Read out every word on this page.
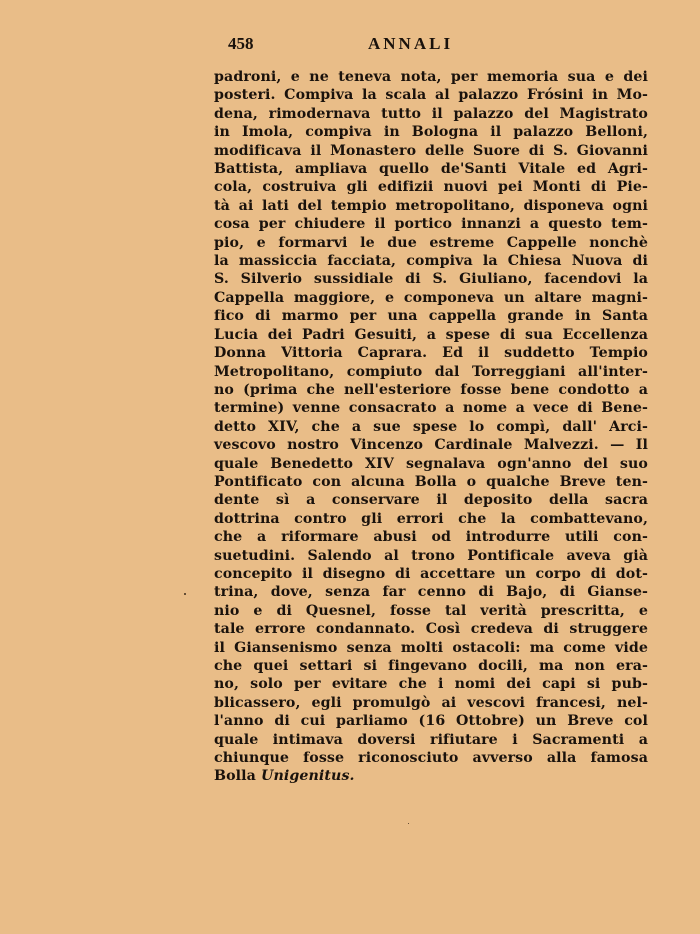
458	ANNALI
padroni, e ne teneva nota, per memoria sua e dei
posteri. Compiva la scala al palazzo Frósini in Mo-
dena, rimodernava tutto il palazzo del Magistrato
in Imola, compiva in Bologna il palazzo Belloni,
modificava il Monastero delle Suore di S. Giovanni
Battista, ampliava quello de'Santi Vitale ed Agri-
cola, costruiva gli edifizii nuovi pei Monti di Pie-
tà ai lati del tempio metropolitano, disponeva ogni
cosa per chiudere il portico innanzi a questo tem-
pio, e formarvi le due estreme Cappelle nonchè
la massiccia facciata, compiva la Chiesa Nuova di
S. Silverio sussidiale di S. Giuliano, facendovi la
Cappella maggiore, e componeva un altare magni-
fico di marmo per una cappella grande in Santa
Lucia dei Padri Gesuiti, a spese di sua Eccellenza
Donna Vittoria Caprara. Ed il suddetto Tempio
Metropolitano, compiuto dal Torreggiani all'inter-
no (prima che nell'esteriore fosse bene condotto a
termine) venne consacrato a nome a vece di Bene-
detto XIV, che a sue spese lo compì, dall' Arci-
vescovo nostro Vincenzo Cardinale Malvezzi. — Il
quale Benedetto XIV segnalava ogn'anno del suo
Pontificato con alcuna Bolla o qualche Breve ten-
dente sì a conservare il deposito della sacra
dottrina contro gli errori che la combattevano,
che a riformare abusi od introdurre utili con-
suetudini. Salendo al trono Pontificale aveva già
concepito il disegno di accettare un corpo di dot-
trina, dove, senza far cenno di Bajo, di Gianse-
nio e di Quesnel, fosse tal verità prescritta, e
tale errore condannato. Così credeva di struggere
il Giansenismo senza molti ostacoli: ma come vide
che quei settari si fingevano docili, ma non era-
no, solo per evitare che i nomi dei capi si pub-
blicassero, egli promulgò ai vescovi francesi, nel-
l'anno di cui parliamo (16 Ottobre) un Breve col
quale intimava doversi rifiutare i Sacramenti a
chiunque fosse riconosciuto avverso alla famosa
Bolla Unigenitus.
